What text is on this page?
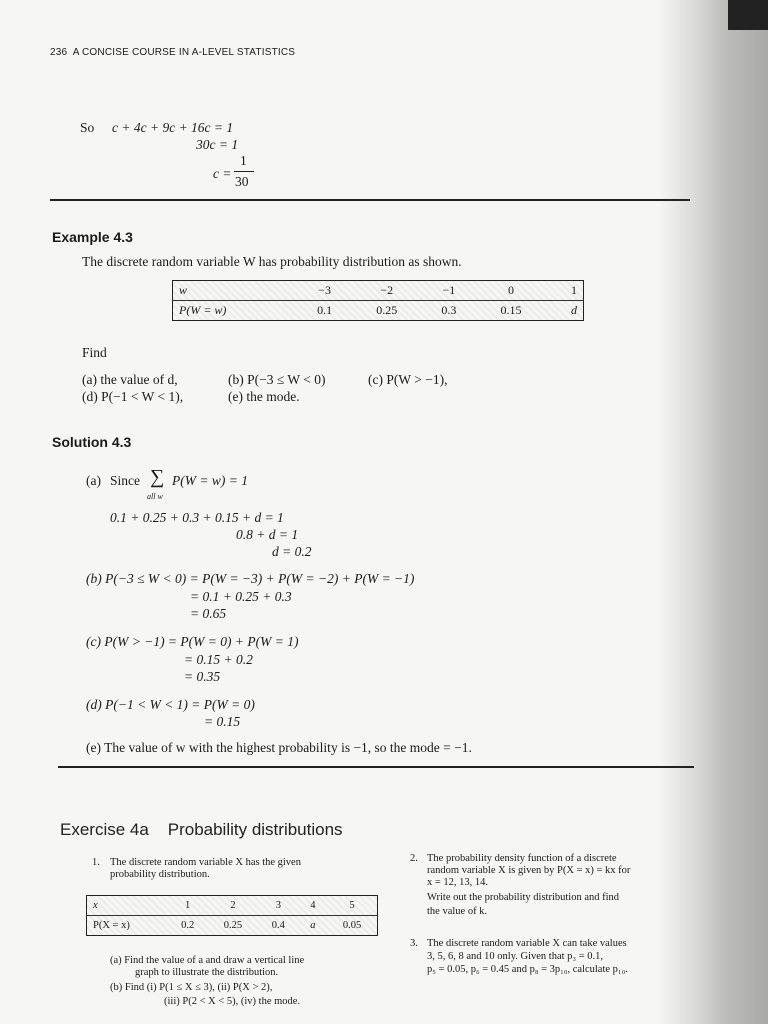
236 A CONCISE COURSE IN A-LEVEL STATISTICS
So c + 4c + 9c + 16c = 1
30c = 1
c =
1
30
Example 4.3
The discrete random variable W has probability distribution as shown.
w	−3	−2	−1	0	1
P(W = w)	0.1	0.25	0.3	0.15	d
Find
(a) the value of d,	(b) P(−3 ≤ W < 0)	(c) P(W > −1),
(d) P(−1 < W < 1),	(e) the mode.
Solution 4.3
(a) Since ∑ P(W = w) = 1
all w
0.1 + 0.25 + 0.3 + 0.15 + d = 1
0.8 + d = 1
d = 0.2
(b) P(−3 ≤ W < 0) = P(W = −3) + P(W = −2) + P(W = −1)
= 0.1 + 0.25 + 0.3
= 0.65
(c) P(W > −1) = P(W = 0) + P(W = 1)
= 0.15 + 0.2
= 0.35
(d) P(−1 < W < 1) = P(W = 0)
= 0.15
(e) The value of w with the highest probability is −1, so the mode = −1.
Exercise 4a Probability distributions
1. The discrete random variable X has the given
probability distribution.
x	1	2	3	4	5
P(X = x)	0.2	0.25	0.4	a	0.05
(a) Find the value of a and draw a vertical line
graph to illustrate the distribution.
(b) Find (i) P(1 ≤ X ≤ 3), (ii) P(X > 2),
(iii) P(2 < X < 5), (iv) the mode.
2. The probability density function of a discrete
random variable X is given by P(X = x) = kx for
x = 12, 13, 14.
Write out the probability distribution and find
the value of k.
3. The discrete random variable X can take values
3, 5, 6, 8 and 10 only. Given that p₃ = 0.1,
p₅ = 0.05, p₆ = 0.45 and p₈ = 3p₁₀, calculate p₁₀.
